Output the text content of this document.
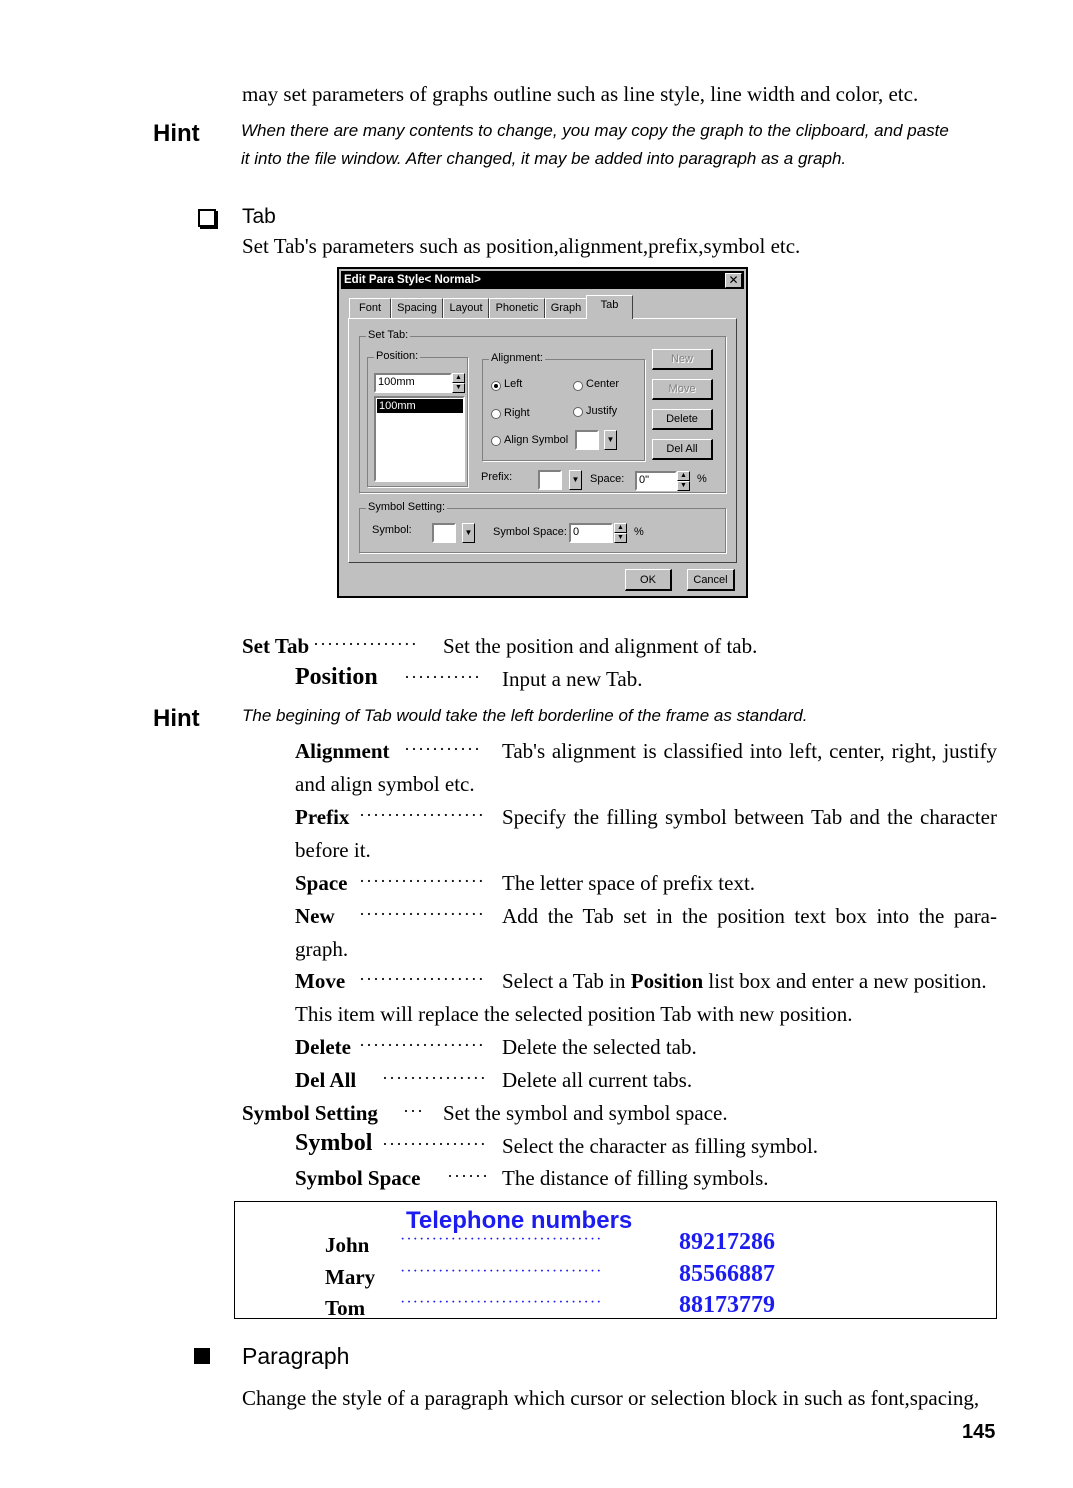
may set parameters of graphs outline such as line style, line width and color, etc.
Hint When there are many contents to change, you may copy the graph to the clipboard, and paste
it into the file window. After changed, it may be added into paragraph as a graph.
Tab
Set Tab's parameters such as position,alignment,prefix,symbol etc.
Edit Para Style< Normal>	✕
Font	Spacing	Layout	Phonetic	Graph	Tab
Set Tab:
Position:
100mm	▲
▼
100mm
Alignment:
Left	Center
Right	Justify
Align Symbol	▼
New
Move
Delete
Del All
Prefix:	▼ Space:	0"	▲
▼
%
Symbol Setting:
Symbol:	▼ Symbol Space: 0	▲
▼ %
OK	Cancel
Set Tab ··············· Set the position and alignment of tab.
Position ··········· Input a new Tab.
Hint The begining of Tab would take the left borderline of the frame as standard.
Alignment ··········· Tab's alignment is classified into left, center, right, justify
and align symbol etc.
Prefix ·················· Specify the filling symbol between Tab and the character
before it.
Space ·················· The letter space of prefix text.
New ·················· Add the Tab set in the position text box into the para-
graph.
Move ·················· Select a Tab in Position list box and enter a new position.
This item will replace the selected position Tab with new position.
Delete ·················· Delete the selected tab.
Del All ··············· Delete all current tabs.
Symbol Setting ··· Set the symbol and symbol space.
Symbol ··············· Select the character as filling symbol.
Symbol Space ······ The distance of filling symbols.
Telephone numbers
John ································	89217286
Mary ································	85566887
Tom ································	88173779
Paragraph
Change the style of a paragraph which cursor or selection block in such as font,spacing,
145
